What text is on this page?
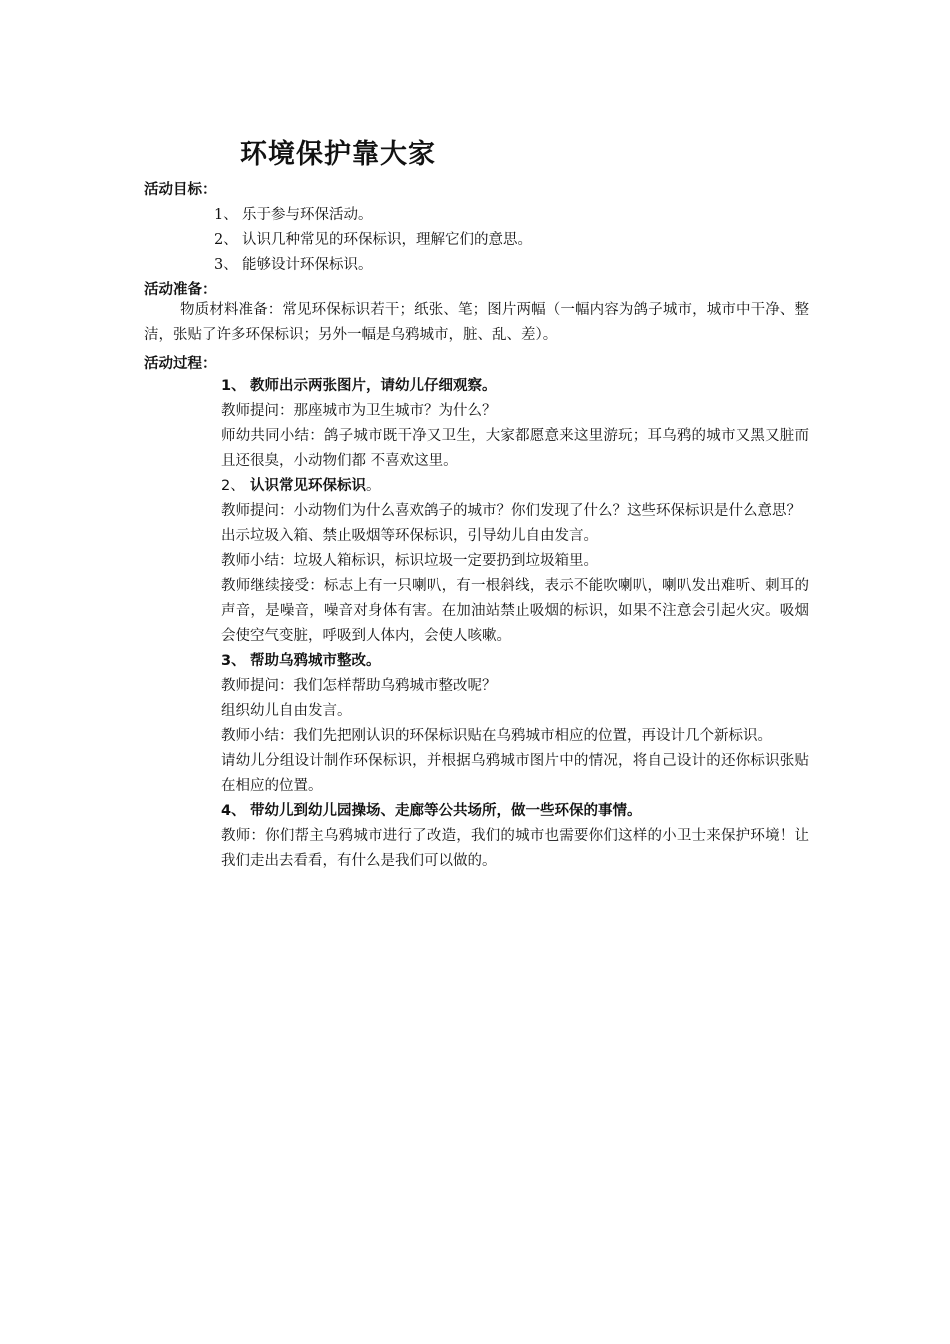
环境保护靠大家
活动目标：
1、 乐于参与环保活动。
2、 认识几种常见的环保标识，理解它们的意思。
3、 能够设计环保标识。
活动准备：
物质材料准备：常见环保标识若干；纸张、笔；图片两幅（一幅内容为鸽子城市，城市中干净、整洁，张贴了许多环保标识；另外一幅是乌鸦城市，脏、乱、差）。
活动过程：

1、 教师出示两张图片，请幼儿仔细观察。

教师提问：那座城市为卫生城市？为什么？

师幼共同小结：鸽子城市既干净又卫生，大家都愿意来这里游玩；耳乌鸦的城市又黑又脏而且还很臭，小动物们都 不喜欢这里。

2、 认识常见环保标识。

教师提问：小动物们为什么喜欢鸽子的城市？你们发现了什么？这些环保标识是什么意思？

出示垃圾入箱、禁止吸烟等环保标识，引导幼儿自由发言。

教师小结：垃圾人箱标识，标识垃圾一定要扔到垃圾箱里。

教师继续接受：标志上有一只喇叭，有一根斜线，表示不能吹喇叭，喇叭发出难听、刺耳的声音，是噪音，噪音对身体有害。在加油站禁止吸烟的标识，如果不注意会引起火灾。吸烟会使空气变脏，呼吸到人体内，会使人咳嗽。

3、 帮助乌鸦城市整改。

教师提问：我们怎样帮助乌鸦城市整改呢？

组织幼儿自由发言。

教师小结：我们先把刚认识的环保标识贴在乌鸦城市相应的位置，再设计几个新标识。

请幼儿分组设计制作环保标识，并根据乌鸦城市图片中的情况，将自己设计的还你标识张贴在相应的位置。

4、 带幼儿到幼儿园操场、走廊等公共场所，做一些环保的事情。

教师：你们帮主乌鸦城市进行了改造，我们的城市也需要你们这样的小卫士来保护环境！让我们走出去看看，有什么是我们可以做的。
